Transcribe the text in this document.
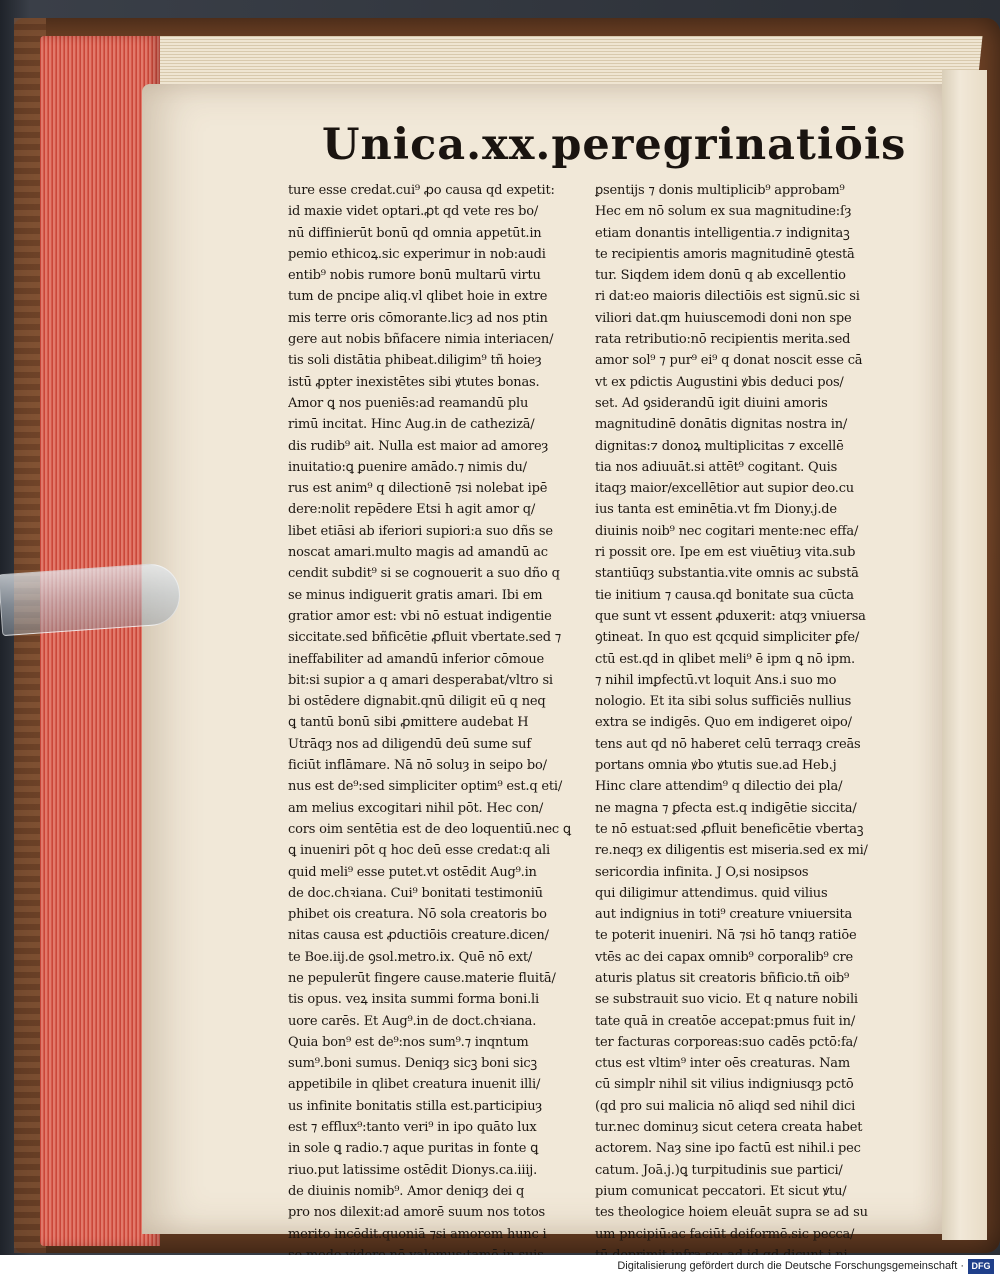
Unica.xx.peregrinatiōis
ture esse credat.cui⁹ ꝓo causa qd expetit:
id maxie videt optari.ꝓt qd vete res bo/
nū diffinierūt bonū qd omnia appetūt.in
pemio ethicoꝝ.sic experimur in nob:audi
entib⁹ nobis rumore bonū multarū virtu
tum de pncipe aliq.vl qlibet hoie in extre
mis terre oris cōmorante.licȝ ad nos ptin
gere aut nobis bñfacere nimia interiacen/
tis soli distātia phibeat.diligim⁹ tñ hoieȝ
istū ꝓpter inexistētes sibi ꝟtutes bonas.
Amor ꝗ nos pueniēs:ad reamandū plu
rimū incitat. Hinc Aug.in de cathezizā/
dis rudib⁹ ait. Nulla est maior ad amoreȝ
inuitatio:ꝗ ꝑuenire amādo.⁊ nimis du/
rus est anim⁹ q dilectionē ⁊si nolebat ipē
dere:nolit repēdere Etsi h agit amor q/
libet etiāsi ab iferiori supiori:a suo dñs se
noscat amari.multo magis ad amandū ac
cendit subdit⁹ si se cognouerit a suo dño q
se minus indiguerit gratis amari. Ibi em
gratior amor est: vbi nō estuat indigentie
siccitate.sed bñficētie ꝓfluit vbertate.sed ⁊
ineffabiliter ad amandū inferior cōmoue
bit:si supior a q amari desperabat/vltro si
bi ostēdere dignabit.qnū diligit eū q neq
ꝗ tantū bonū sibi ꝓmittere audebat H
Utrāqȝ nos ad diligendū deū sume suf
ficiūt inflāmare. Nā nō soluȝ in seipo bo/
nus est de⁹:sed simpliciter optim⁹ est.q eti/
am melius excogitari nihil pōt. Hec con/
cors oim sentētia est de deo loquentiū.nec ꝗ
ꝗ inueniri pōt q hoc deū esse credat:q ali
quid meli⁹ esse putet.vt ostēdit Aug⁹.in
de doc.chꝛiana. Cui⁹ bonitati testimoniū
phibet ois creatura. Nō sola creatoris bo
nitas causa est ꝓductiōis creature.dicen/
te Boe.iij.de ꝯsol.metro.ix. Quē nō ext/
ne pepulerūt fingere cause.materie fluitā/
tis opus. veꝝ insita summi forma boni.li
uore carēs. Et Aug⁹.in de doct.chꝛiana.
Quia bon⁹ est de⁹:nos sum⁹.⁊ inqntum
sum⁹.boni sumus. Deniqȝ sicꝫ boni sicꝫ
appetibile in qlibet creatura inuenit illi/
us infinite bonitatis stilla est.participiuȝ
est ⁊ efflux⁹:tanto veri⁹ in ipo quāto lux
in sole ꝗ radio.⁊ aque puritas in fonte ꝗ
riuo.put latissime ostēdit Dionys.ca.iiij.
de diuinis nomib⁹. Amor deniqȝ dei q
pro nos dilexit:ad amorē suum nos totos
merito incēdit.quoniā ⁊si amorem hunc i
ꝑsentijs ⁊ donis multiplicib⁹ approbam⁹
Hec em nō solum ex sua magnitudine:ſȝ
etiam donantis intelligentia.⁊ indignitaꝫ
te recipientis amoris magnitudinē ꝯtestā
tur. Siqdem idem donū q ab excellentio
ri dat:eo maioris dilectiōis est signū.sic si
viliori dat.qm huiuscemodi doni non spe
rata retributio:nō recipientis merita.sed
amor sol⁹ ⁊ pur⁹ ei⁹ q donat noscit esse cā
vt ex pdictis Augustini ꝟbis deduci pos/
set. Ad ꝯsiderandū igit diuini amoris
magnitudinē donātis dignitas nostra in/
dignitas:⁊ donoꝝ multiplicitas ⁊ excellē
tia nos adiuuāt.si attēt⁹ cogitant. Quis
itaqȝ maior/excellētior aut supior deo.cu
ius tanta est eminētia.vt fm Diony.j.de
diuinis noib⁹ nec cogitari mente:nec effa/
ri possit ore. Ipe em est viuētiuȝ vita.sub
stantiūqȝ substantia.vite omnis ac substā
tie initium ⁊ causa.qd bonitate sua cūcta
que sunt vt essent ꝓduxerit: atqȝ vniuersa
ꝯtineat. In quo est qcquid simpliciter ꝑfe/
ctū est.qd in qlibet meli⁹ ē ipm ꝗ nō ipm.
⁊ nihil imꝑfectū.vt loquit Ans.i suo mo
nologio. Et ita sibi solus sufficiēs nullius
extra se indigēs. Quo em indigeret oipo/
tens aut qd nō haberet celū terraqȝ creās
portans omnia ꝟbo ꝟtutis sue.ad Heb.j
Hinc clare attendim⁹ q dilectio dei pla/
ne magna ⁊ ꝑfecta est.q indigētie siccita/
te nō estuat:sed ꝓfluit beneficētie vbertaꝫ
re.neqȝ ex diligentis est miseria.sed ex mi/
sericordia infinita. J O,si nosipsos
qui diligimur attendimus. quid vilius
aut indignius in toti⁹ creature vniuersita
te poterit inueniri. Nā ⁊si hō tanqȝ ratiōe
vtēs ac dei capax omnib⁹ corporalib⁹ cre
aturis platus sit creatoris bñficio.tñ oib⁹
se substrauit suo vicio. Et q nature nobili
tate quā in creatōe accepat:pmus fuit in/
ter facturas corporeas:suo cadēs pctō:fa/
ctus est vltim⁹ inter oēs creaturas. Nam
cū simplr nihil sit vilius indigniusqȝ pctō
(qd pro sui malicia nō aliqd sed nihil dici
tur.nec dominuȝ sicut cetera creata habet
actorem. Naȝ sine ipo factū est nihil.i pec
catum. Joā.j.)ꝗ turpitudinis sue partici/
pium comunicat peccatori. Et sicut ꝟtu/
tes theologice hoiem eleuāt supra se ad su
um pncipiū:ac faciūt deiformē.sic pecca/
Digitalisierung gefördert durch die Deutsche Forschungsgemeinschaft · DFG
